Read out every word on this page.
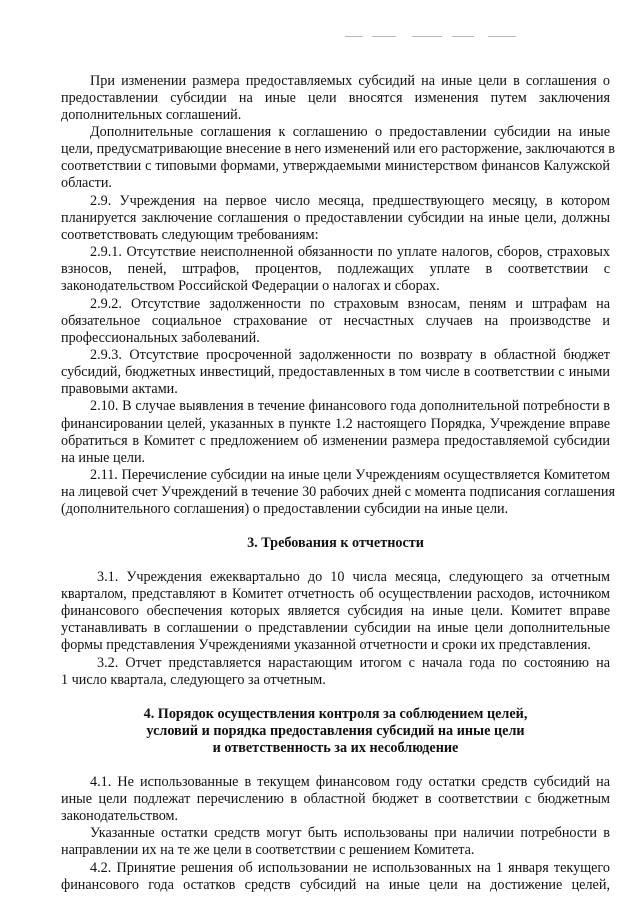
При изменении размера предоставляемых субсидий на иные цели в соглашения о
предоставлении субсидии на иные цели вносятся изменения путем заключения
дополнительных соглашений.
Дополнительные соглашения к соглашению о предоставлении субсидии на иные
цели, предусматривающие внесение в него изменений или его расторжение, заключаются в
соответствии с типовыми формами, утверждаемыми министерством финансов Калужской
области.
2.9. Учреждения на первое число месяца, предшествующего месяцу, в котором
планируется заключение соглашения о предоставлении субсидии на иные цели, должны
соответствовать следующим требованиям:
2.9.1. Отсутствие неисполненной обязанности по уплате налогов, сборов, страховых
взносов, пеней, штрафов, процентов, подлежащих уплате в соответствии с
законодательством Российской Федерации о налогах и сборах.
2.9.2. Отсутствие задолженности по страховым взносам, пеням и штрафам на
обязательное социальное страхование от несчастных случаев на производстве и
профессиональных заболеваний.
2.9.3. Отсутствие просроченной задолженности по возврату в областной бюджет
субсидий, бюджетных инвестиций, предоставленных в том числе в соответствии с иными
правовыми актами.
2.10. В случае выявления в течение финансового года дополнительной потребности в
финансировании целей, указанных в пункте 1.2 настоящего Порядка, Учреждение вправе
обратиться в Комитет с предложением об изменении размера предоставляемой субсидии
на иные цели.
2.11. Перечисление субсидии на иные цели Учреждениям осуществляется Комитетом
на лицевой счет Учреждений в течение 30 рабочих дней с момента подписания соглашения
(дополнительного соглашения) о предоставлении субсидии на иные цели.
3. Требования к отчетности
3.1. Учреждения ежеквартально до 10 числа месяца, следующего за отчетным
кварталом, представляют в Комитет отчетность об осуществлении расходов, источником
финансового обеспечения которых является субсидия на иные цели. Комитет вправе
устанавливать в соглашении о представлении субсидии на иные цели дополнительные
формы представления Учреждениями указанной отчетности и сроки их представления.
3.2. Отчет представляется нарастающим итогом с начала года по состоянию на
1 число квартала, следующего за отчетным.
4. Порядок осуществления контроля за соблюдением целей,
условий и порядка предоставления субсидий на иные цели
и ответственность за их несоблюдение
4.1. Не использованные в текущем финансовом году остатки средств субсидий на
иные цели подлежат перечислению в областной бюджет в соответствии с бюджетным
законодательством.
Указанные остатки средств могут быть использованы при наличии потребности в
направлении их на те же цели в соответствии с решением Комитета.
4.2. Принятие решения об использовании не использованных на 1 января текущего
финансового года остатков средств субсидий на иные цели на достижение целей,
